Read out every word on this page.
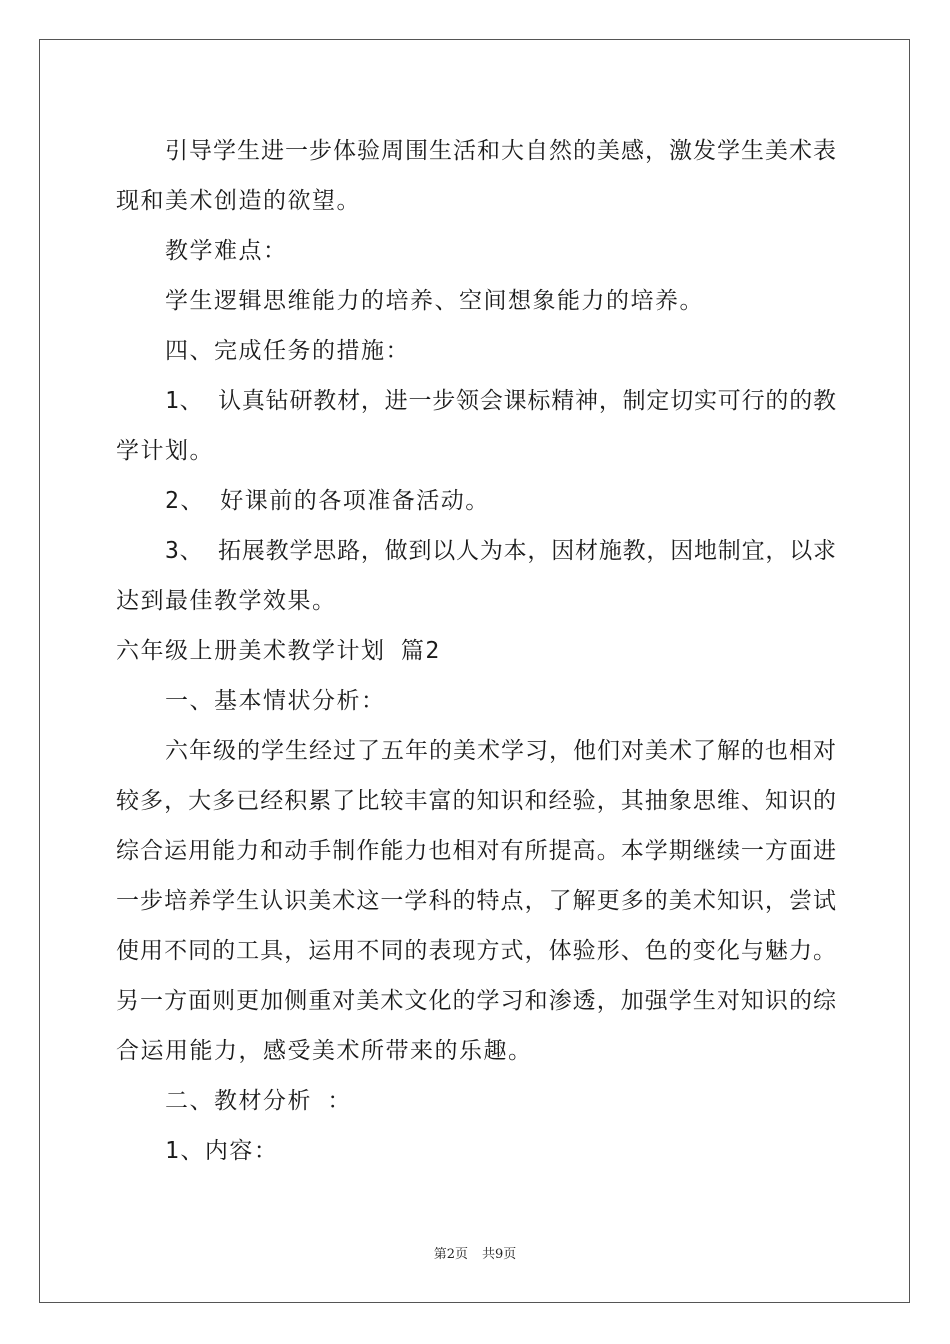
引导学生进一步体验周围生活和大自然的美感，激发学生美术表
现和美术创造的欲望。
教学难点：
学生逻辑思维能力的培养、空间想象能力的培养。
四、完成任务的措施：
1、 认真钻研教材，进一步领会课标精神，制定切实可行的的教
学计划。
2、 好课前的各项准备活动。
3、 拓展教学思路，做到以人为本，因材施教，因地制宜，以求
达到最佳教学效果。
六年级上册美术教学计划 篇2
一、基本情状分析：
六年级的学生经过了五年的美术学习，他们对美术了解的也相对
较多，大多已经积累了比较丰富的知识和经验，其抽象思维、知识的
综合运用能力和动手制作能力也相对有所提高。本学期继续一方面进
一步培养学生认识美术这一学科的特点，了解更多的美术知识，尝试
使用不同的工具，运用不同的表现方式，体验形、色的变化与魅力。
另一方面则更加侧重对美术文化的学习和渗透，加强学生对知识的综
合运用能力，感受美术所带来的乐趣。
二、教材分析 ：
1、内容：
第2页 共9页
